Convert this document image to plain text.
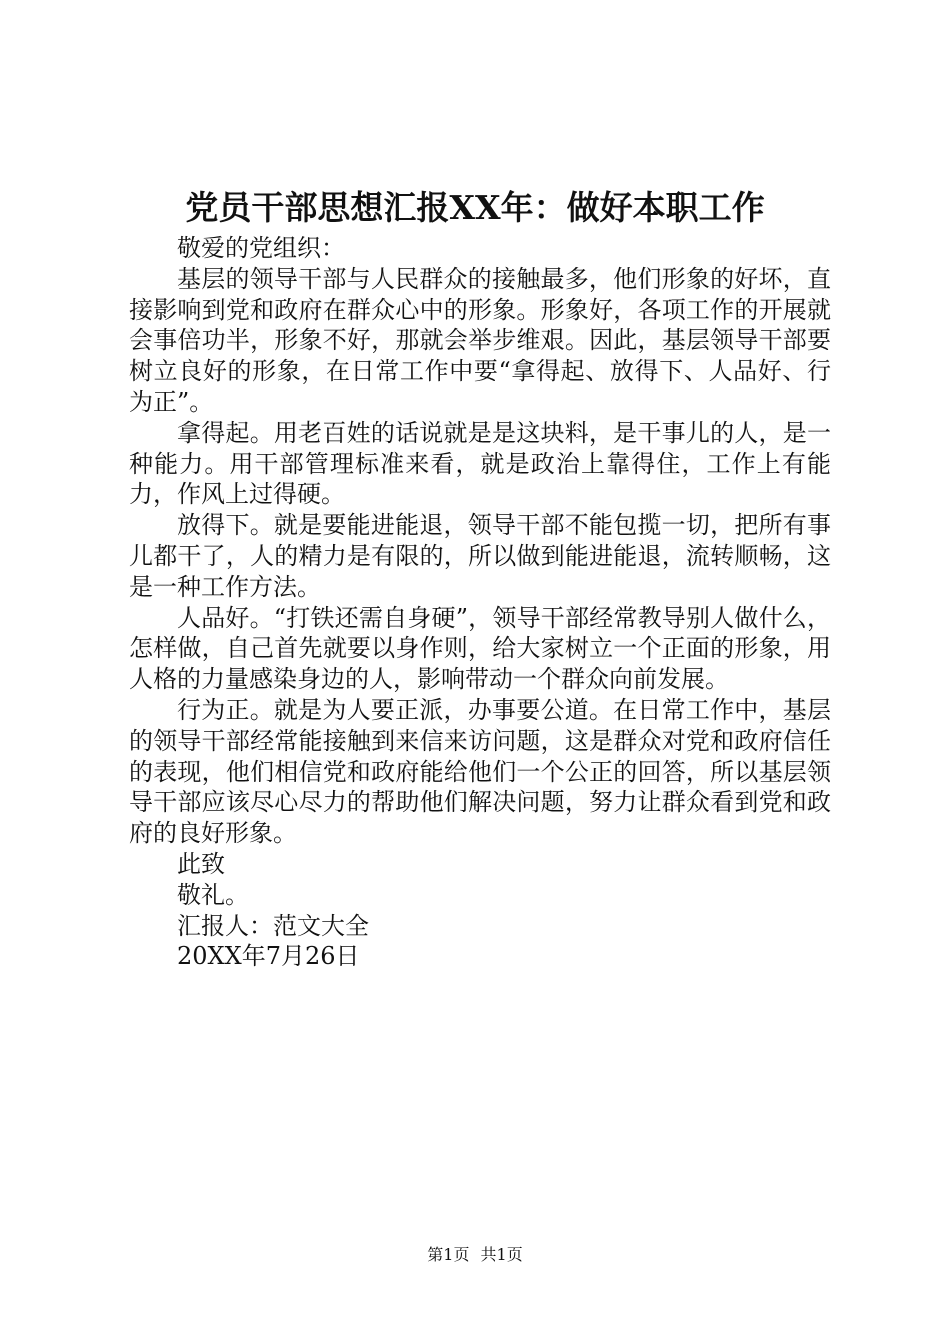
党员干部思想汇报XX年：做好本职工作

敬爱的党组织：

基层的领导干部与人民群众的接触最多，他们形象的好坏，直接影响到党和政府在群众心中的形象。形象好，各项工作的开展就会事倍功半，形象不好，那就会举步维艰。因此，基层领导干部要树立良好的形象，在日常工作中要“拿得起、放得下、人品好、行为正”。

拿得起。用老百姓的话说就是是这块料，是干事儿的人，是一种能力。用干部管理标准来看，就是政治上靠得住，工作上有能力，作风上过得硬。

放得下。就是要能进能退，领导干部不能包揽一切，把所有事儿都干了，人的精力是有限的，所以做到能进能退，流转顺畅，这是一种工作方法。

人品好。“打铁还需自身硬”，领导干部经常教导别人做什么，怎样做，自己首先就要以身作则，给大家树立一个正面的形象，用人格的力量感染身边的人，影响带动一个群众向前发展。

行为正。就是为人要正派，办事要公道。在日常工作中，基层的领导干部经常能接触到来信来访问题，这是群众对党和政府信任的表现，他们相信党和政府能给他们一个公正的回答，所以基层领导干部应该尽心尽力的帮助他们解决问题，努力让群众看到党和政府的良好形象。

此致

敬礼。

汇报人：范文大全

20XX年7月26日

第1页 共1页
